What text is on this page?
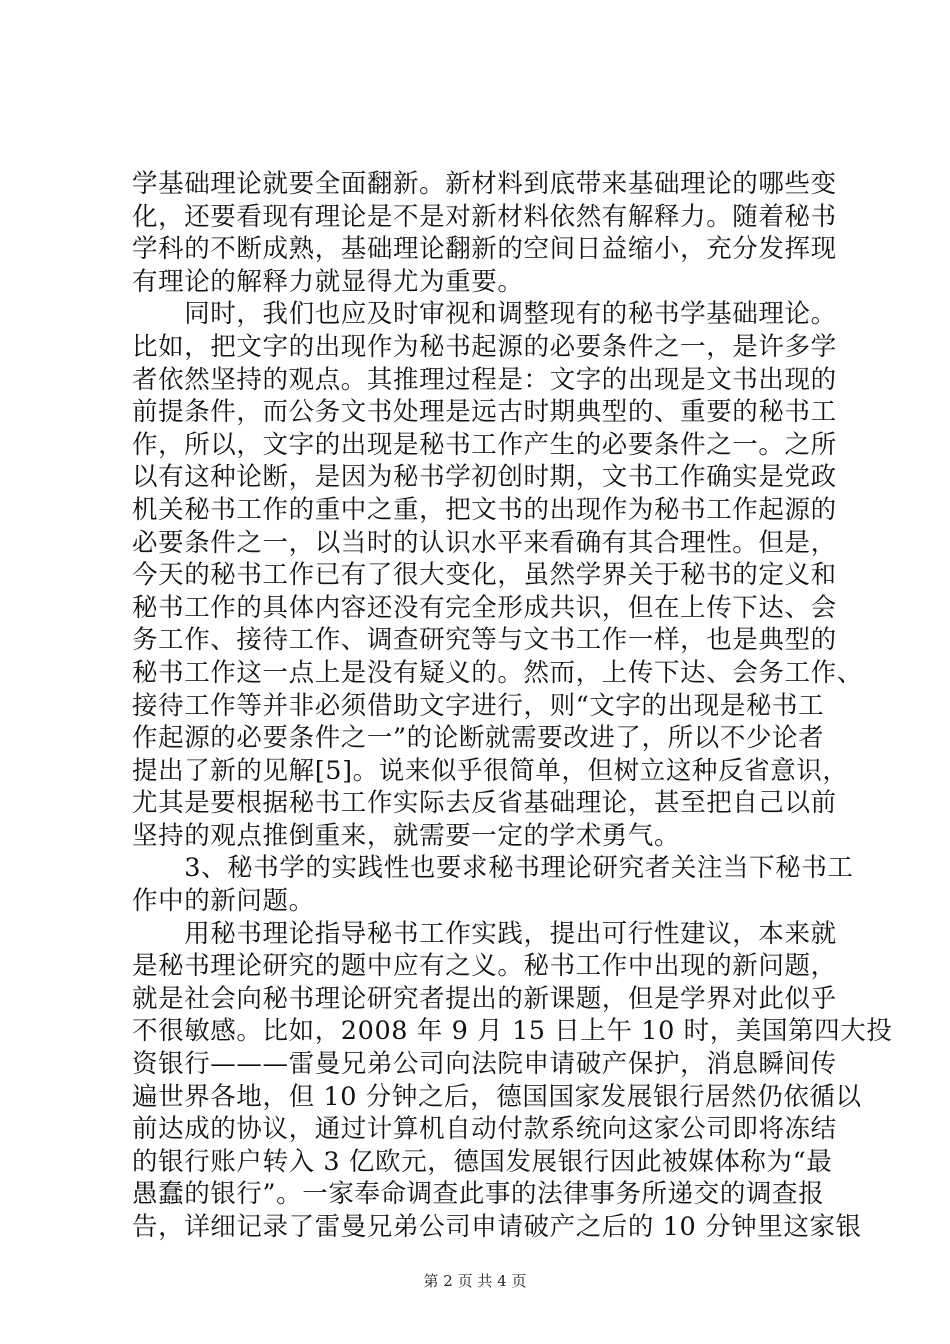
学基础理论就要全面翻新。新材料到底带来基础理论的哪些变
化，还要看现有理论是不是对新材料依然有解释力。随着秘书
学科的不断成熟，基础理论翻新的空间日益缩小，充分发挥现
有理论的解释力就显得尤为重要。
　　同时，我们也应及时审视和调整现有的秘书学基础理论。
比如，把文字的出现作为秘书起源的必要条件之一，是许多学
者依然坚持的观点。其推理过程是：文字的出现是文书出现的
前提条件，而公务文书处理是远古时期典型的、重要的秘书工
作，所以，文字的出现是秘书工作产生的必要条件之一。之所
以有这种论断，是因为秘书学初创时期，文书工作确实是党政
机关秘书工作的重中之重，把文书的出现作为秘书工作起源的
必要条件之一，以当时的认识水平来看确有其合理性。但是，
今天的秘书工作已有了很大变化，虽然学界关于秘书的定义和
秘书工作的具体内容还没有完全形成共识，但在上传下达、会
务工作、接待工作、调查研究等与文书工作一样，也是典型的
秘书工作这一点上是没有疑义的。然而，上传下达、会务工作、
接待工作等并非必须借助文字进行，则“文字的出现是秘书工
作起源的必要条件之一”的论断就需要改进了，所以不少论者
提出了新的见解[5]。说来似乎很简单，但树立这种反省意识，
尤其是要根据秘书工作实际去反省基础理论，甚至把自己以前
坚持的观点推倒重来，就需要一定的学术勇气。
　　3、秘书学的实践性也要求秘书理论研究者关注当下秘书工
作中的新问题。
　　用秘书理论指导秘书工作实践，提出可行性建议，本来就
是秘书理论研究的题中应有之义。秘书工作中出现的新问题，
就是社会向秘书理论研究者提出的新课题，但是学界对此似乎
不很敏感。比如，2008 年 9 月 15 日上午 10 时，美国第四大投
资银行———雷曼兄弟公司向法院申请破产保护，消息瞬间传
遍世界各地，但 10 分钟之后，德国国家发展银行居然仍依循以
前达成的协议，通过计算机自动付款系统向这家公司即将冻结
的银行账户转入 3 亿欧元，德国发展银行因此被媒体称为“最
愚蠢的银行”。一家奉命调查此事的法律事务所递交的调查报
告，详细记录了雷曼兄弟公司申请破产之后的 10 分钟里这家银
第 2 页 共 4 页
